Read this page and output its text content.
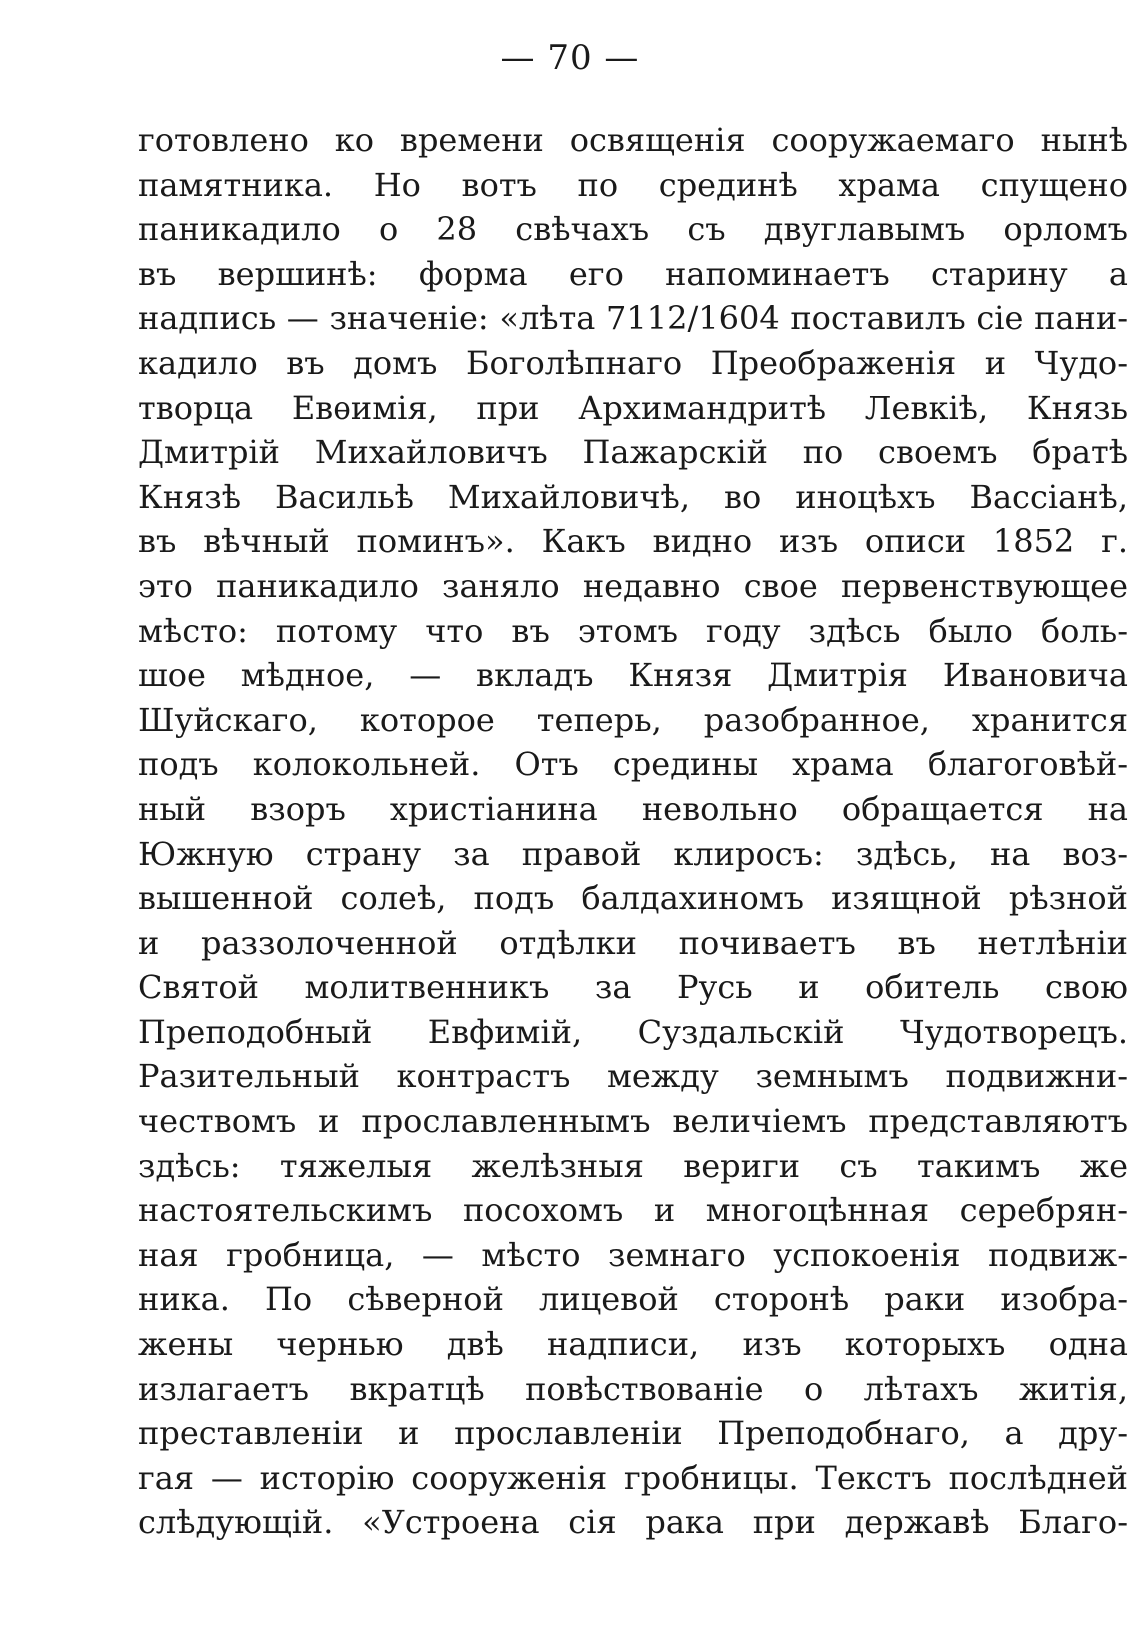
— 70 —
готовлено ко времени освященія сооружаемаго нынѣ
памятника. Но вотъ по срединѣ храма спущено
паникадило о 28 свѣчахъ съ двуглавымъ орломъ
въ вершинѣ: форма его напоминаетъ старину а
надпись — значеніе: «лѣта 7112/1604 поставилъ сіе пани-
кадило въ домъ Боголѣпнаго Преображенія и Чудо-
творца Евѳимія, при Архимандритѣ Левкіѣ, Князь
Дмитрій Михайловичъ Пажарскій по своемъ братѣ
Князѣ Васильѣ Михайловичѣ, во иноцѣхъ Вассіанѣ,
въ вѣчный поминъ». Какъ видно изъ описи 1852 г.
это паникадило заняло недавно свое первенствующее
мѣсто: потому что въ этомъ году здѣсь было боль-
шое мѣдное, — вкладъ Князя Дмитрія Ивановича
Шуйскаго, которое теперь, разобранное, хранится
подъ колокольней. Отъ средины храма благоговѣй-
ный взоръ христіанина невольно обращается на
Южную страну за правой клиросъ: здѣсь, на воз-
вышенной солеѣ, подъ балдахиномъ изящной рѣзной
и раззолоченной отдѣлки почиваетъ въ нетлѣніи
Святой молитвенникъ за Русь и обитель свою
Преподобный Евфимій, Суздальскій Чудотворецъ.
Разительный контрастъ между земнымъ подвижни-
чествомъ и прославленнымъ величіемъ представляютъ
здѣсь: тяжелыя желѣзныя вериги съ такимъ же
настоятельскимъ посохомъ и многоцѣнная серебрян-
ная гробница, — мѣсто земнаго успокоенія подвиж-
ника. По сѣверной лицевой сторонѣ раки изобра-
жены чернью двѣ надписи, изъ которыхъ одна
излагаетъ вкратцѣ повѣствованіе о лѣтахъ житія,
преставленіи и прославленіи Преподобнаго, а дру-
гая — исторію сооруженія гробницы. Текстъ послѣдней
слѣдующій. «Устроена сія рака при державѣ Благо-
